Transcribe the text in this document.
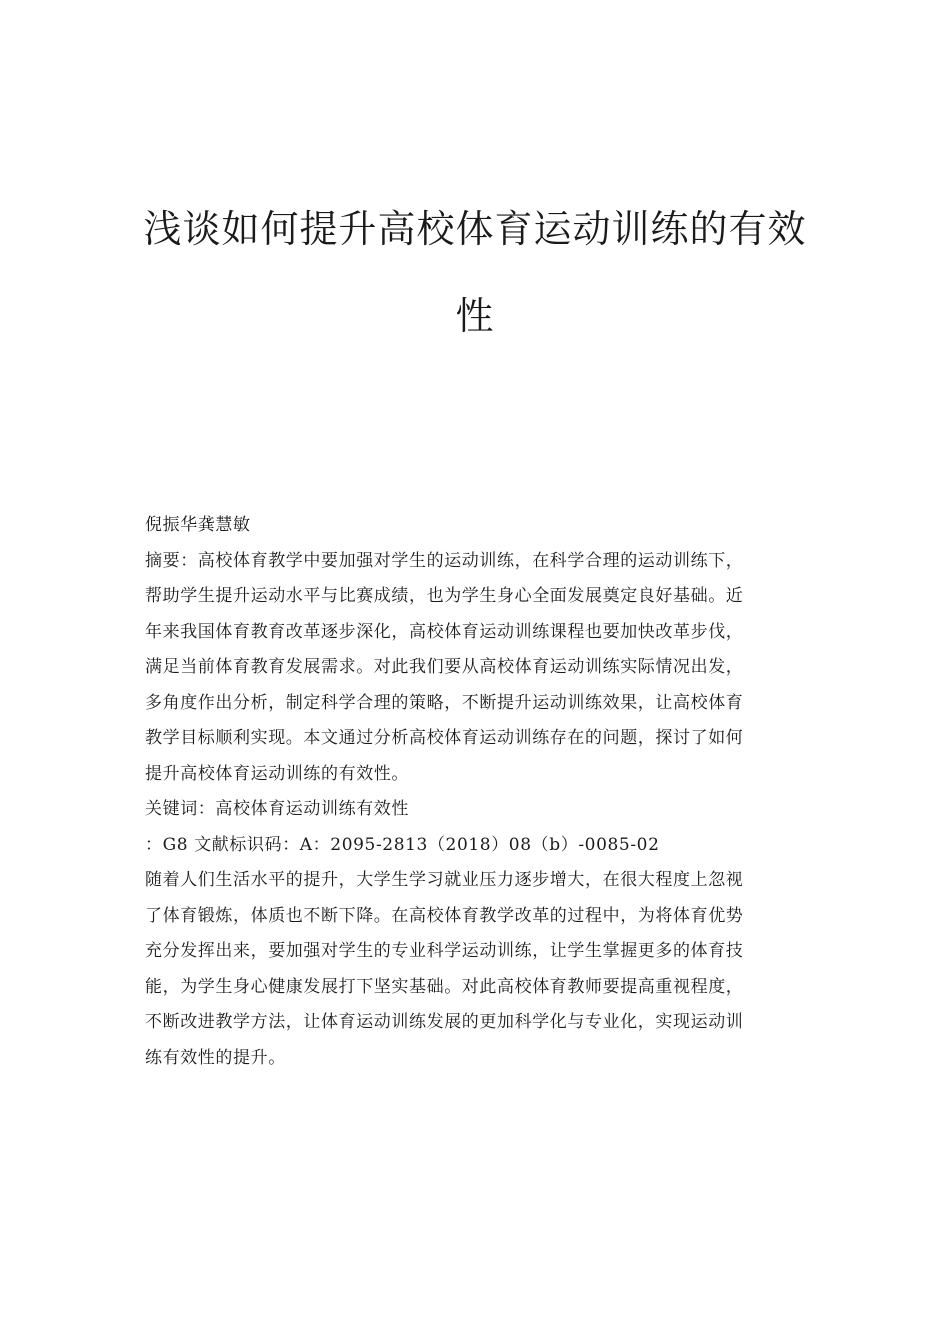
浅谈如何提升高校体育运动训练的有效
性
倪振华龚慧敏
摘要：高校体育教学中要加强对学生的运动训练，在科学合理的运动训练下，
帮助学生提升运动水平与比赛成绩，也为学生身心全面发展奠定良好基础。近
年来我国体育教育改革逐步深化，高校体育运动训练课程也要加快改革步伐，
满足当前体育教育发展需求。对此我们要从高校体育运动训练实际情况出发，
多角度作出分析，制定科学合理的策略，不断提升运动训练效果，让高校体育
教学目标顺利实现。本文通过分析高校体育运动训练存在的问题，探讨了如何
提升高校体育运动训练的有效性。
关键词：高校体育运动训练有效性
：G8 文献标识码：A：2095-2813（2018）08（b）-0085-02
随着人们生活水平的提升，大学生学习就业压力逐步增大，在很大程度上忽视
了体育锻炼，体质也不断下降。在高校体育教学改革的过程中，为将体育优势
充分发挥出来，要加强对学生的专业科学运动训练，让学生掌握更多的体育技
能，为学生身心健康发展打下坚实基础。对此高校体育教师要提高重视程度，
不断改进教学方法，让体育运动训练发展的更加科学化与专业化，实现运动训
练有效性的提升。
